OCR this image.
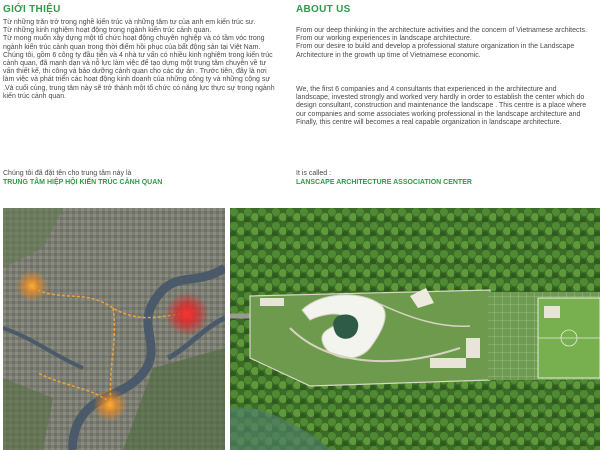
GIỚI THIỆU

Từ những trăn trở trong nghề kiến trúc và những tâm tư của anh em kiến trúc sư.

Từ những kinh nghiệm hoạt động trong ngành kiến trúc cảnh quan.

Từ mong muốn xây dựng một tổ chức hoạt động chuyên nghiệp và có tầm vóc trong ngành kiến trúc cảnh quan trong thời điểm hồi phục của bất động sản tại Việt Nam.

Chúng tôi, gồm 6 công ty đầu tiên và 4 nhà tư vấn có nhiều kinh nghiệm trong kiến trúc cảnh quan, đã mạnh dạn và nỗ lực làm việc để tạo dựng một trung tâm chuyên về tư vấn thiết kế, thi công và bảo dưỡng cảnh quan cho các dự án . Trước tiên, đây là nơi làm việc và phát triển các hoạt động kinh doanh của những công ty và những cộng sự .Và cuối cùng, trung tâm này sẽ trở thành một tổ chức có năng lực thực sự trong ngành kiến trúc cảnh quan.

Chúng tôi đã đặt tên cho trung tâm này là
TRUNG TÂM HIỆP HỘI KIẾN TRÚC CẢNH QUAN
ABOUT US

From our deep thinking in the architecture activities and the concern of Vietnamese architects.

From our working experiences in landscape architecture.

From our desire to build and develop a professional stature organization in the Landscape Architecture in the growth up time of Vietnamese economic.

We, the first 6 companies and 4 consultants that experienced in the architecture and landscape, invested strongly and worked very hardly in order to establish the center which do design consultant, construction and maintenance the landscape . This centre is a place where our companies and some associates working professional in the landscape architecture and Finally, this centre will becomes a real capable organization in landscape architecture.
It is called :
LANSCAPE ARCHITECTURE ASSOCIATION CENTER
